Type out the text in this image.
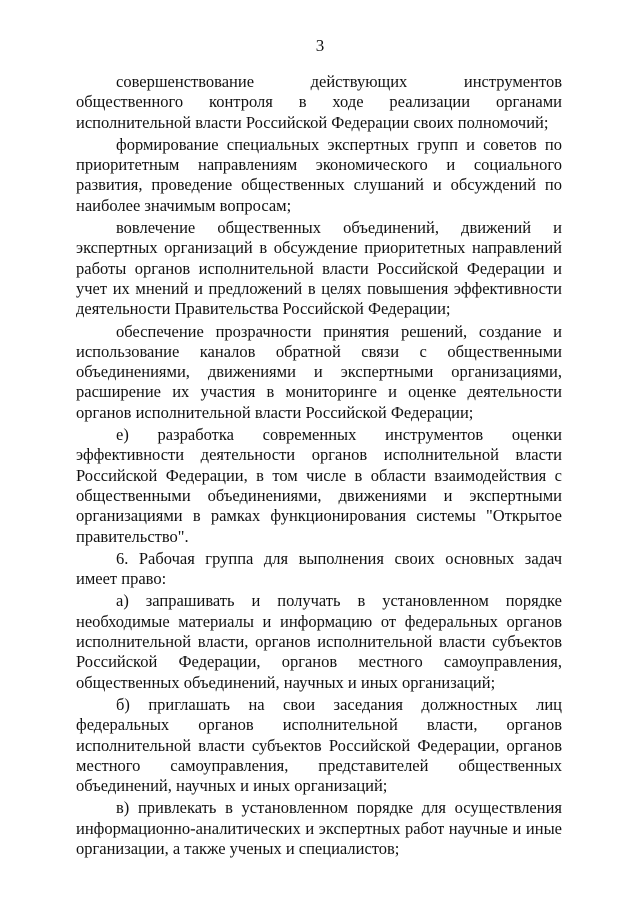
3

совершенствование действующих инструментов общественного контроля в ходе реализации органами исполнительной власти Российской Федерации своих полномочий;

формирование специальных экспертных групп и советов по приоритетным направлениям экономического и социального развития, проведение общественных слушаний и обсуждений по наиболее значимым вопросам;

вовлечение общественных объединений, движений и экспертных организаций в обсуждение приоритетных направлений работы органов исполнительной власти Российской Федерации и учет их мнений и предложений в целях повышения эффективности деятельности Правительства Российской Федерации;

обеспечение прозрачности принятия решений, создание и использование каналов обратной связи с общественными объединениями, движениями и экспертными организациями, расширение их участия в мониторинге и оценке деятельности органов исполнительной власти Российской Федерации;

е) разработка современных инструментов оценки эффективности деятельности органов исполнительной власти Российской Федерации, в том числе в области взаимодействия с общественными объединениями, движениями и экспертными организациями в рамках функционирования системы "Открытое правительство".

6. Рабочая группа для выполнения своих основных задач имеет право:

а) запрашивать и получать в установленном порядке необходимые материалы и информацию от федеральных органов исполнительной власти, органов исполнительной власти субъектов Российской Федерации, органов местного самоуправления, общественных объединений, научных и иных организаций;

б) приглашать на свои заседания должностных лиц федеральных органов исполнительной власти, органов исполнительной власти субъектов Российской Федерации, органов местного самоуправления, представителей общественных объединений, научных и иных организаций;

в) привлекать в установленном порядке для осуществления информационно-аналитических и экспертных работ научные и иные организации, а также ученых и специалистов;
